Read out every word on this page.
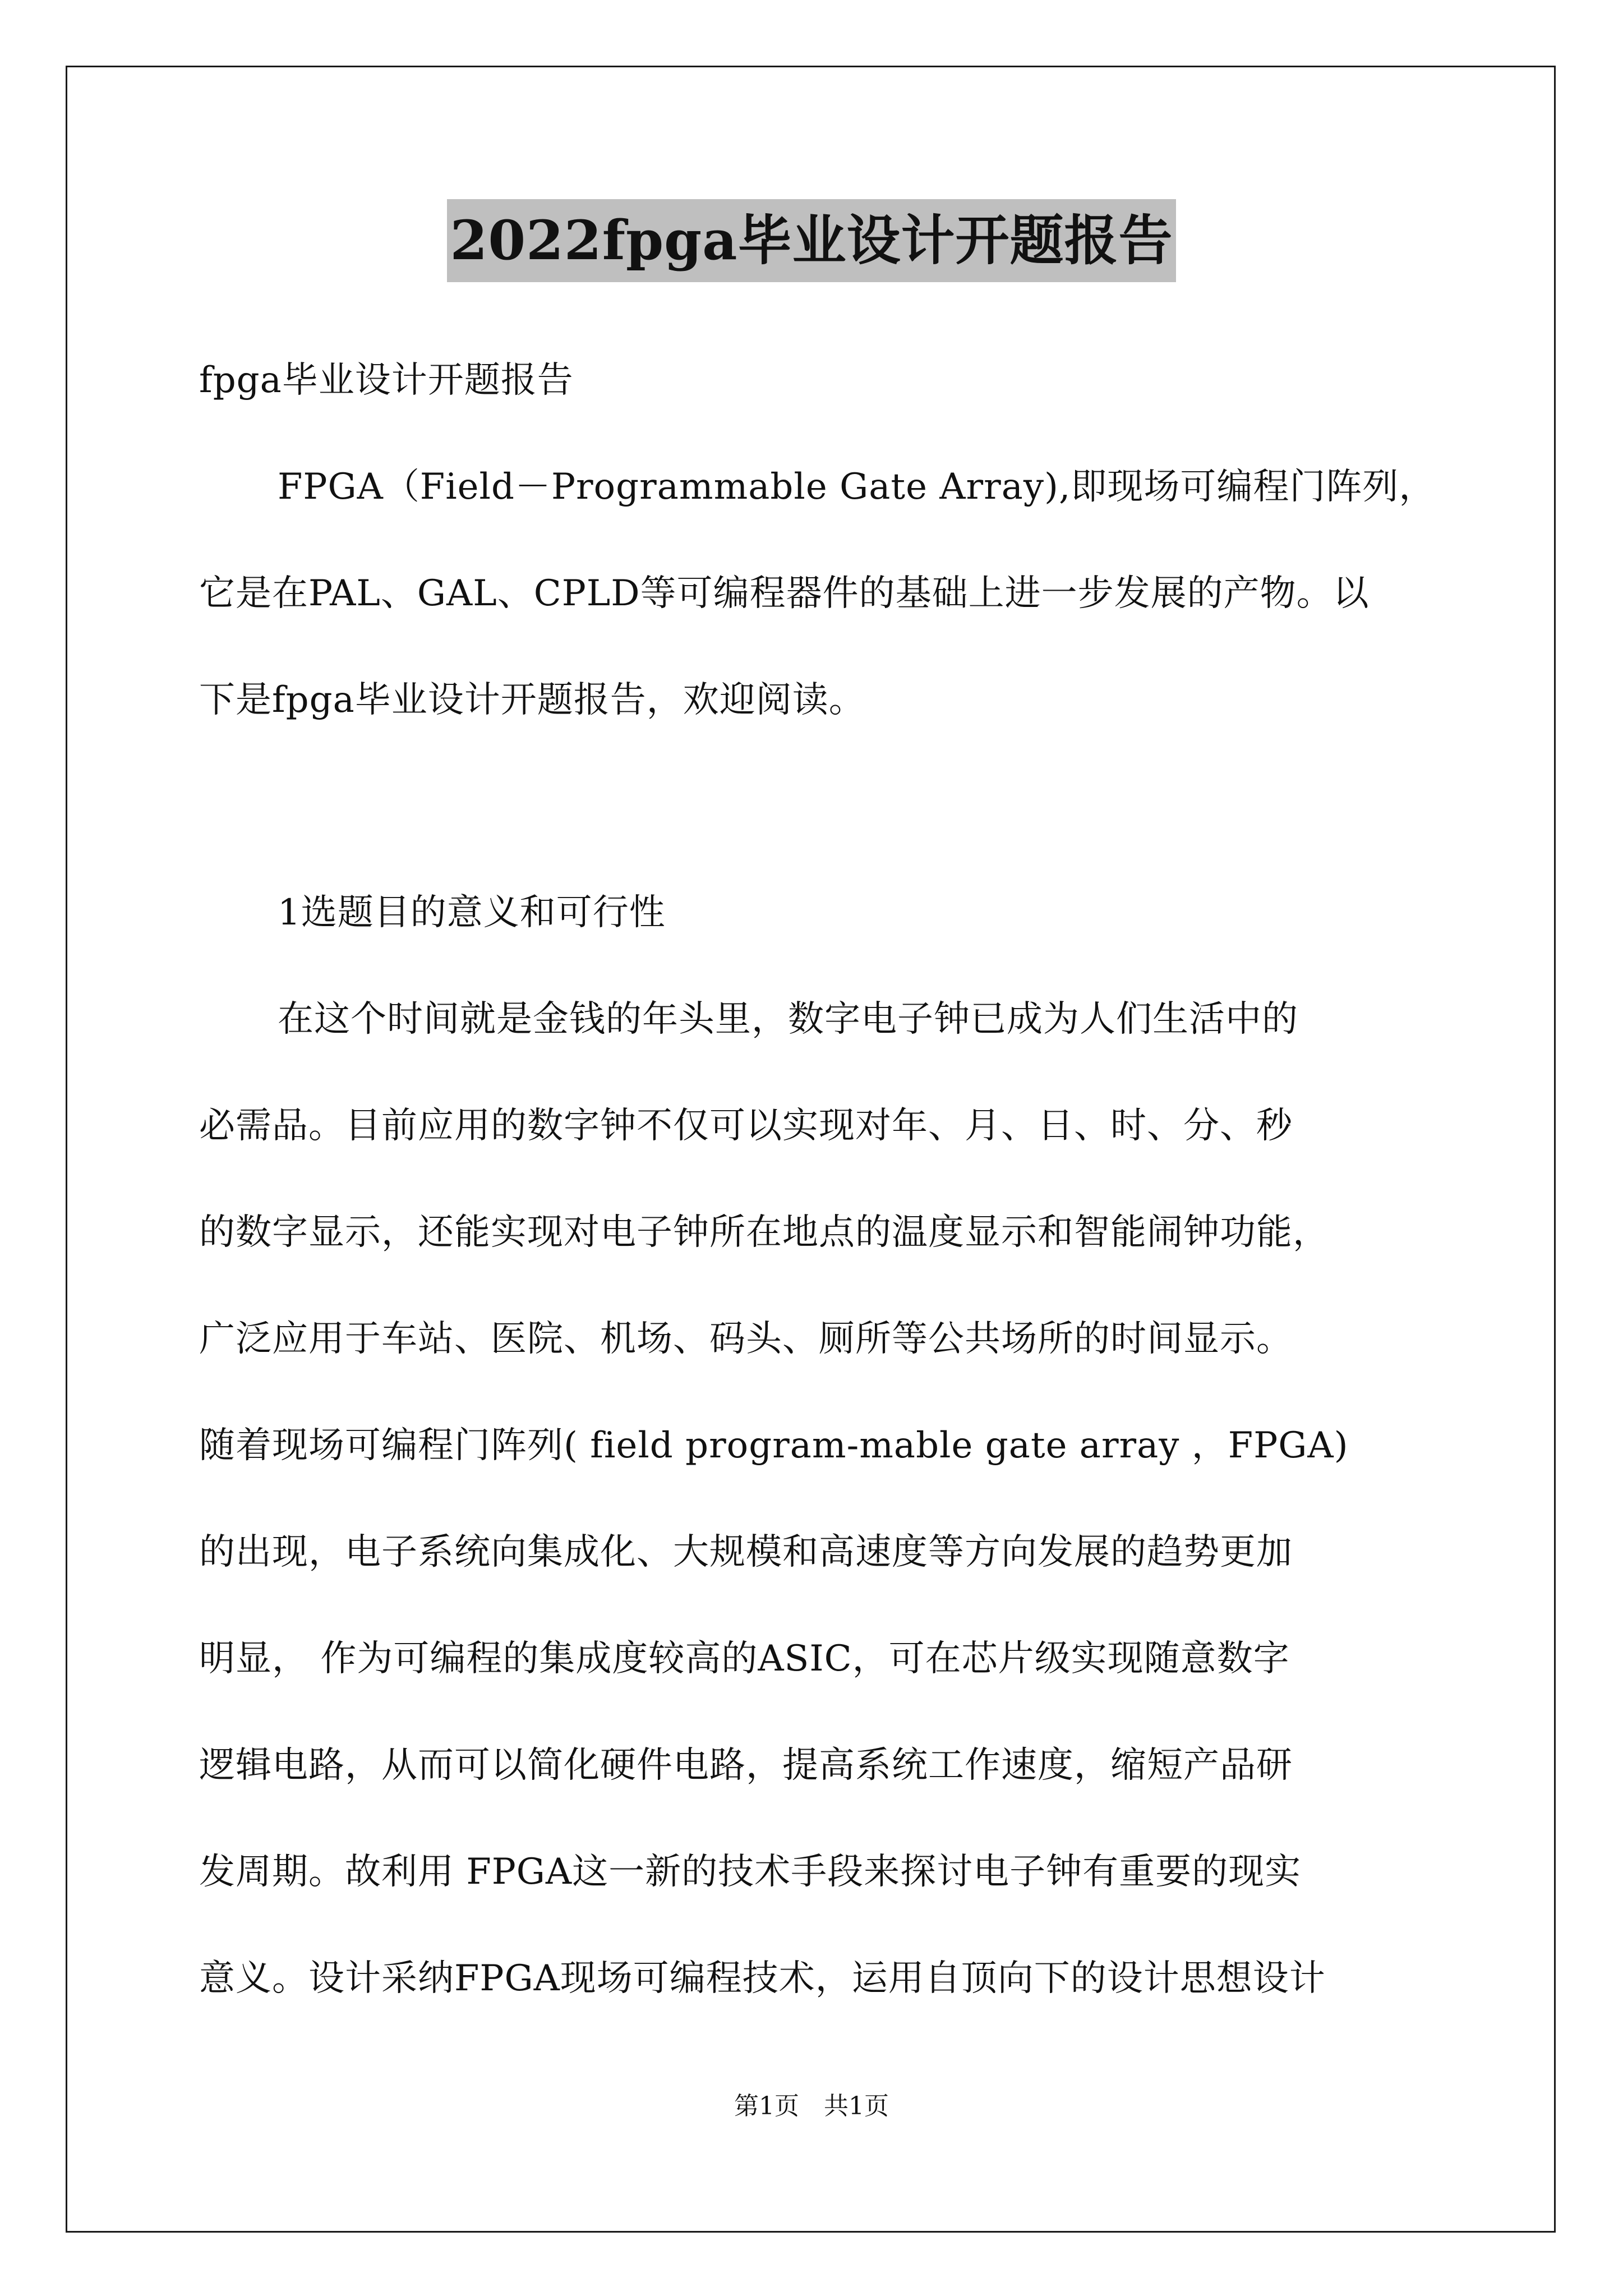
2022fpga毕业设计开题报告
fpga毕业设计开题报告
FPGA（Field－Programmable Gate Array),即现场可编程门阵列，
它是在PAL、GAL、CPLD等可编程器件的基础上进一步发展的产物。以
下是fpga毕业设计开题报告，欢迎阅读。
1选题目的意义和可行性
在这个时间就是金钱的年头里，数字电子钟已成为人们生活中的
必需品。目前应用的数字钟不仅可以实现对年、月、日、时、分、秒
的数字显示，还能实现对电子钟所在地点的温度显示和智能闹钟功能，
广泛应用于车站、医院、机场、码头、厕所等公共场所的时间显示。
随着现场可编程门阵列( field program-mable gate array ，FPGA)
的出现，电子系统向集成化、大规模和高速度等方向发展的趋势更加
明显， 作为可编程的集成度较高的ASIC，可在芯片级实现随意数字
逻辑电路，从而可以简化硬件电路，提高系统工作速度，缩短产品研
发周期。故利用 FPGA这一新的技术手段来探讨电子钟有重要的现实
意义。设计采纳FPGA现场可编程技术，运用自顶向下的设计思想设计
第1页　共1页
